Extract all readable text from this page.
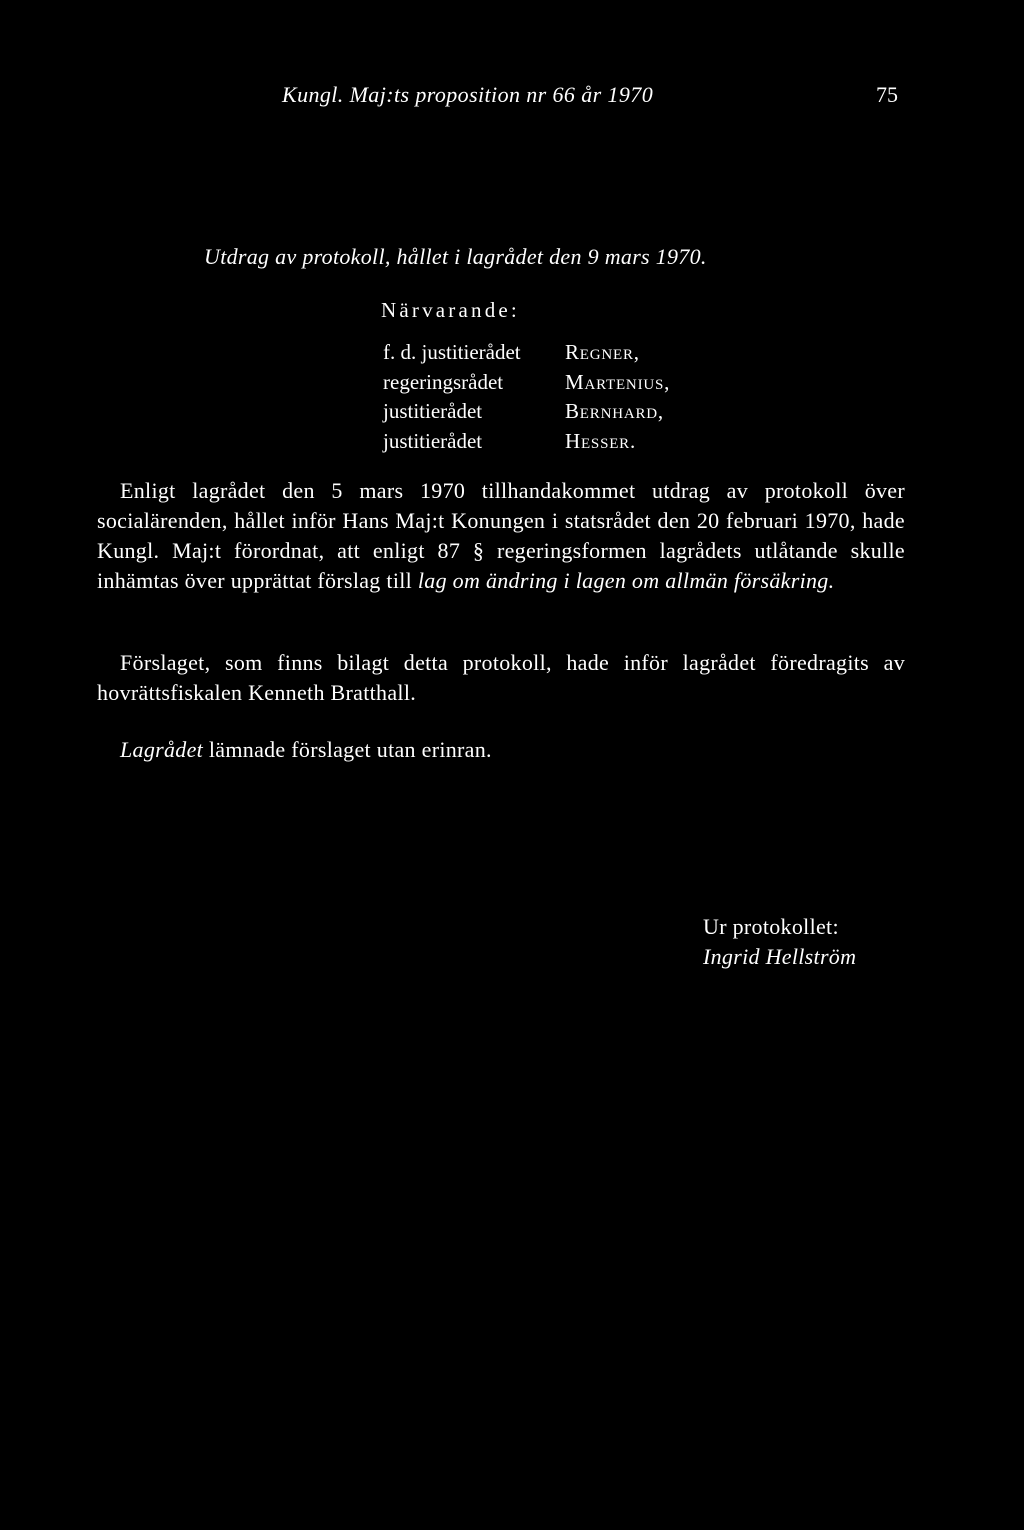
Kungl. Maj:ts proposition nr 66 år 1970	75
Utdrag av protokoll, hållet i lagrådet den 9 mars 1970.
Närvarande:
f. d. justitierådet	Regner,
regeringsrådet	Martenius,
justitierådet	Bernhard,
justitierådet	Hesser.

Enligt lagrådet den 5 mars 1970 tillhandakommet utdrag av protokoll över socialärenden, hållet inför Hans Maj:t Konungen i statsrådet den 20 februari 1970, hade Kungl. Maj:t förordnat, att enligt 87 § regeringsformen lagrådets utlåtande skulle inhämtas över upprättat förslag till lag om ändring i lagen om allmän försäkring.

Förslaget, som finns bilagt detta protokoll, hade inför lagrådet föredragits av hovrättsfiskalen Kenneth Bratthall.

Lagrådet lämnade förslaget utan erinran.

Ur protokollet:
Ingrid Hellström
